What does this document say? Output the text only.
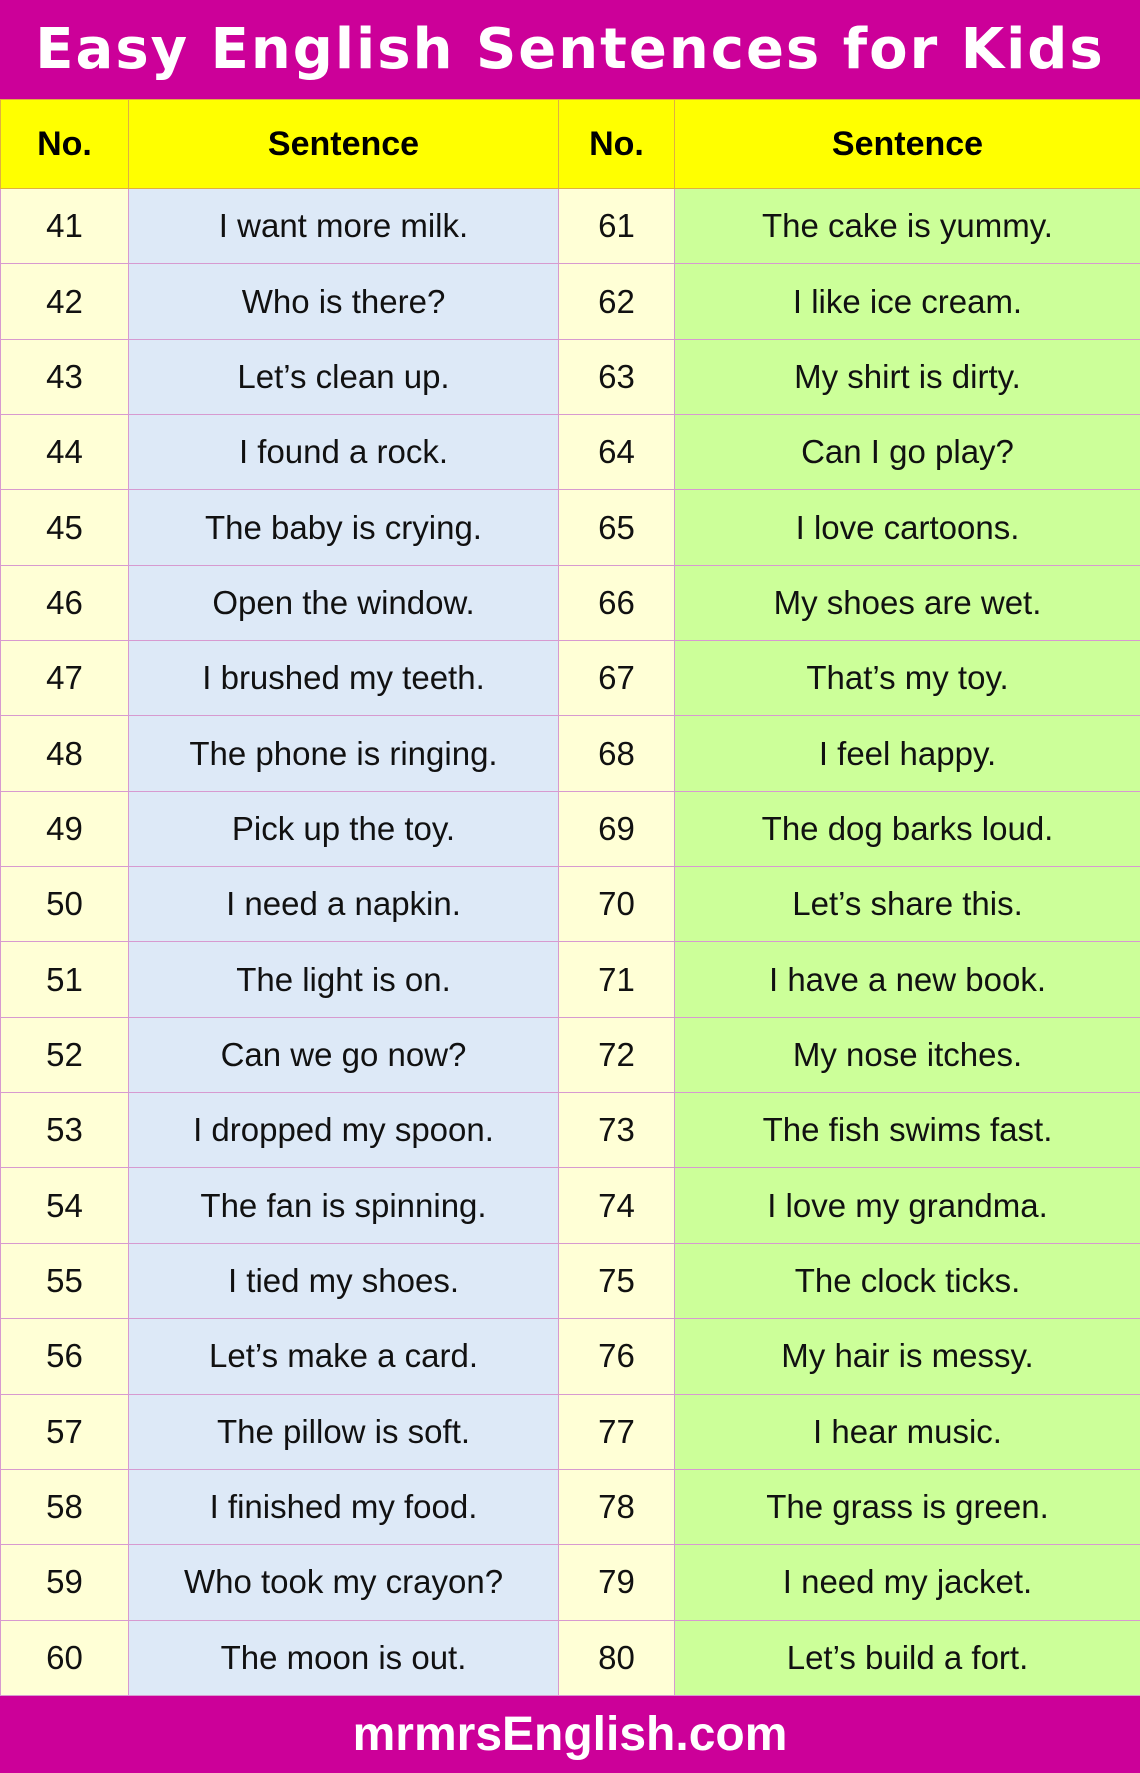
Easy English Sentences for Kids
No.	Sentence	No.	Sentence
41	I want more milk.	61	The cake is yummy.
42	Who is there?	62	I like ice cream.
43	Let’s clean up.	63	My shirt is dirty.
44	I found a rock.	64	Can I go play?
45	The baby is crying.	65	I love cartoons.
46	Open the window.	66	My shoes are wet.
47	I brushed my teeth.	67	That’s my toy.
48	The phone is ringing.	68	I feel happy.
49	Pick up the toy.	69	The dog barks loud.
50	I need a napkin.	70	Let’s share this.
51	The light is on.	71	I have a new book.
52	Can we go now?	72	My nose itches.
53	I dropped my spoon.	73	The fish swims fast.
54	The fan is spinning.	74	I love my grandma.
55	I tied my shoes.	75	The clock ticks.
56	Let’s make a card.	76	My hair is messy.
57	The pillow is soft.	77	I hear music.
58	I finished my food.	78	The grass is green.
59	Who took my crayon?	79	I need my jacket.
60	The moon is out.	80	Let’s build a fort.
mrmrsEnglish.com
